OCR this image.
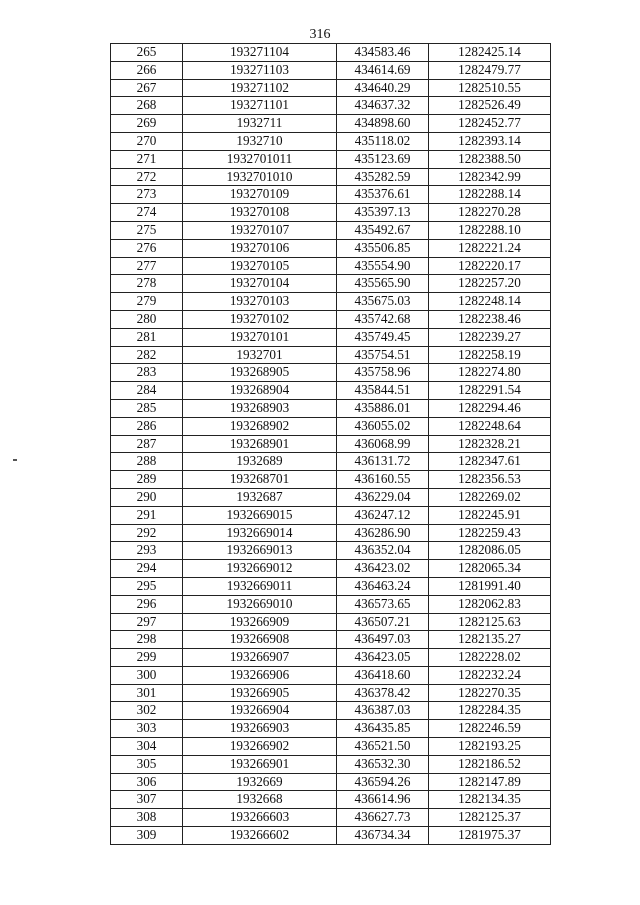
316
265	193271104	434583.46	1282425.14
266	193271103	434614.69	1282479.77
267	193271102	434640.29	1282510.55
268	193271101	434637.32	1282526.49
269	1932711	434898.60	1282452.77
270	1932710	435118.02	1282393.14
271	1932701011	435123.69	1282388.50
272	1932701010	435282.59	1282342.99
273	193270109	435376.61	1282288.14
274	193270108	435397.13	1282270.28
275	193270107	435492.67	1282288.10
276	193270106	435506.85	1282221.24
277	193270105	435554.90	1282220.17
278	193270104	435565.90	1282257.20
279	193270103	435675.03	1282248.14
280	193270102	435742.68	1282238.46
281	193270101	435749.45	1282239.27
282	1932701	435754.51	1282258.19
283	193268905	435758.96	1282274.80
284	193268904	435844.51	1282291.54
285	193268903	435886.01	1282294.46
286	193268902	436055.02	1282248.64
287	193268901	436068.99	1282328.21
288	1932689	436131.72	1282347.61
289	193268701	436160.55	1282356.53
290	1932687	436229.04	1282269.02
291	1932669015	436247.12	1282245.91
292	1932669014	436286.90	1282259.43
293	1932669013	436352.04	1282086.05
294	1932669012	436423.02	1282065.34
295	1932669011	436463.24	1281991.40
296	1932669010	436573.65	1282062.83
297	193266909	436507.21	1282125.63
298	193266908	436497.03	1282135.27
299	193266907	436423.05	1282228.02
300	193266906	436418.60	1282232.24
301	193266905	436378.42	1282270.35
302	193266904	436387.03	1282284.35
303	193266903	436435.85	1282246.59
304	193266902	436521.50	1282193.25
305	193266901	436532.30	1282186.52
306	1932669	436594.26	1282147.89
307	1932668	436614.96	1282134.35
308	193266603	436627.73	1282125.37
309	193266602	436734.34	1281975.37
